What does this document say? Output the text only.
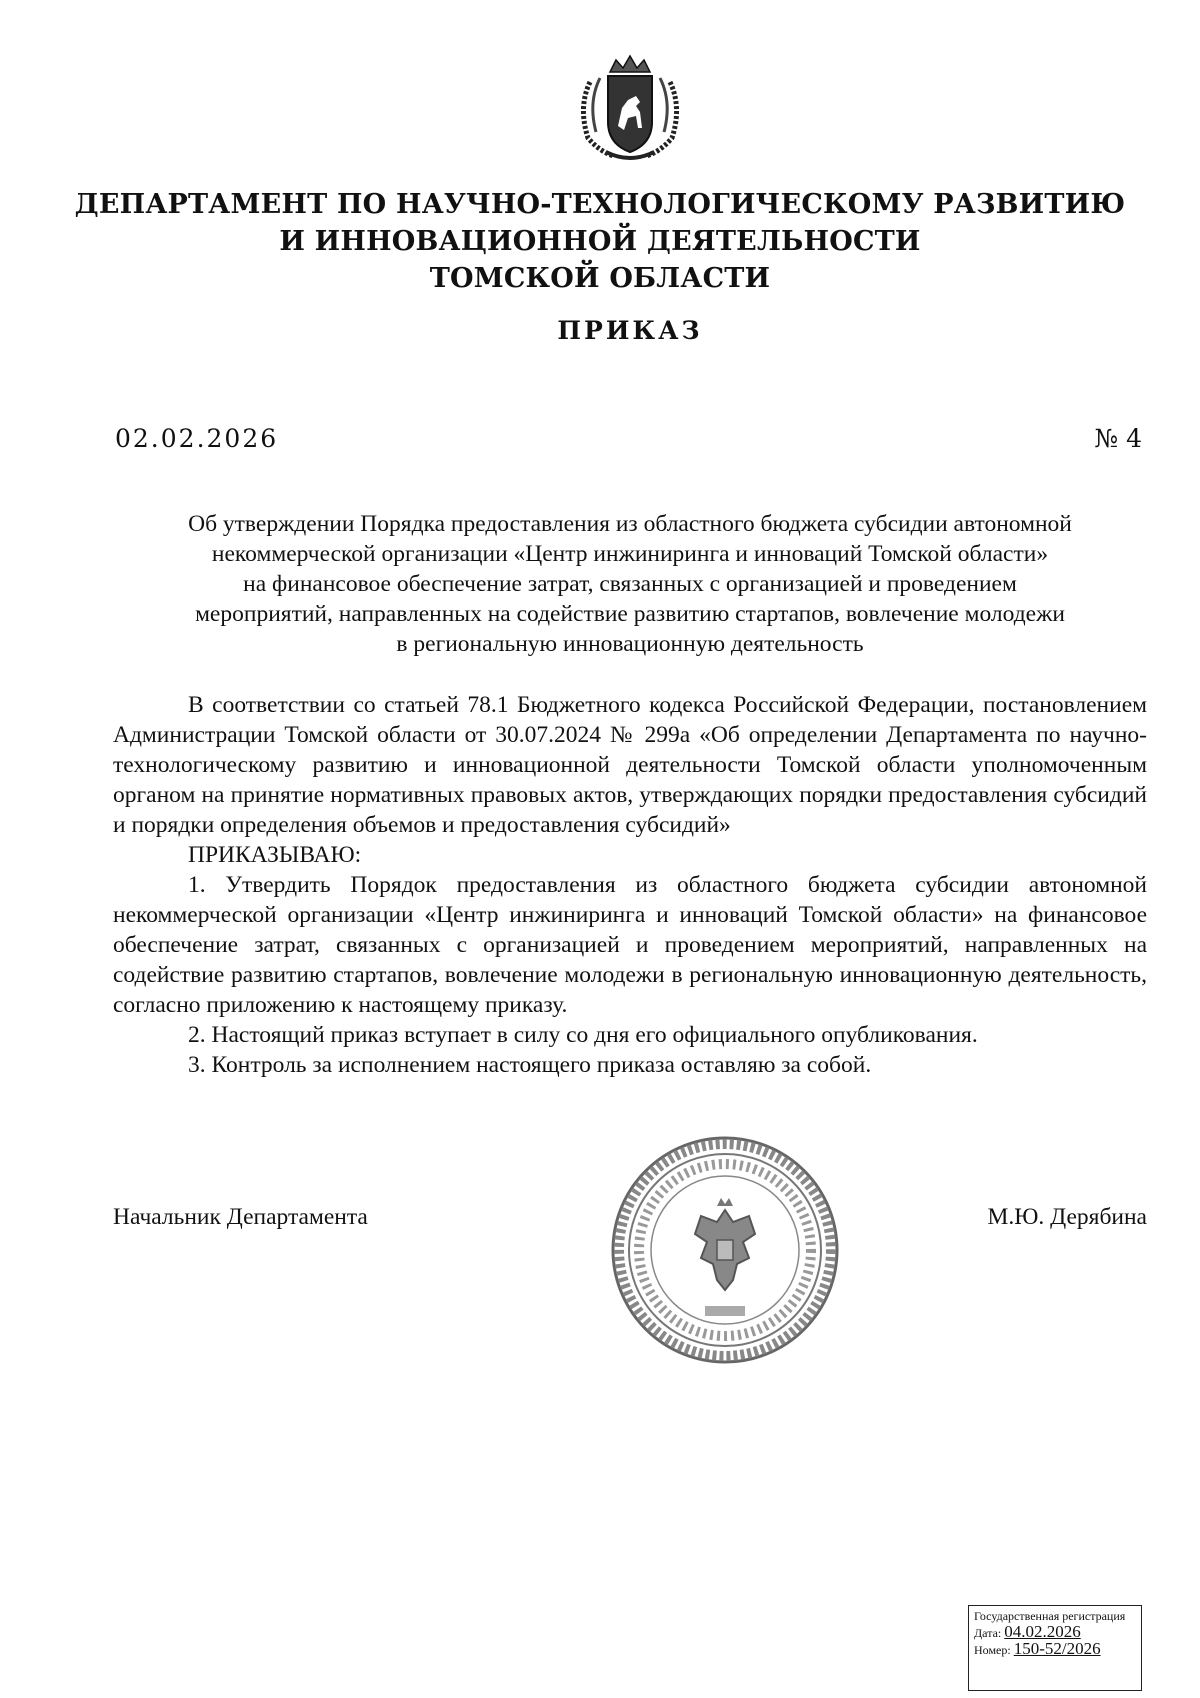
ДЕПАРТАМЕНТ ПО НАУЧНО-ТЕХНОЛОГИЧЕСКОМУ РАЗВИТИЮ
И ИННОВАЦИОННОЙ ДЕЯТЕЛЬНОСТИ
ТОМСКОЙ ОБЛАСТИ
ПРИКАЗ
02.02.2026	№ 4
Об утверждении Порядка предоставления из областного бюджета субсидии автономной
некоммерческой организации «Центр инжиниринга и инноваций Томской области»
на финансовое обеспечение затрат, связанных с организацией и проведением
мероприятий, направленных на содействие развитию стартапов, вовлечение молодежи
в региональную инновационную деятельность

В соответствии со статьей 78.1 Бюджетного кодекса Российской Федерации, постановлением Администрации Томской области от 30.07.2024 № 299а «Об определении Департамента по научно-технологическому развитию и инновационной деятельности Томской области уполномоченным органом на принятие нормативных правовых актов, утверждающих порядки предоставления субсидий и порядки определения объемов и предоставления субсидий»

ПРИКАЗЫВАЮ:

1. Утвердить Порядок предоставления из областного бюджета субсидии автономной некоммерческой организации «Центр инжиниринга и инноваций Томской области» на финансовое обеспечение затрат, связанных с организацией и проведением мероприятий, направленных на содействие развитию стартапов, вовлечение молодежи в региональную инновационную деятельность, согласно приложению к настоящему приказу.

2. Настоящий приказ вступает в силу со дня его официального опубликования.

3. Контроль за исполнением настоящего приказа оставляю за собой.

Начальник Департамента	М.Ю. Дерябина
Государственная регистрация
Дата: 04.02.2026
Номер: 150-52/2026
